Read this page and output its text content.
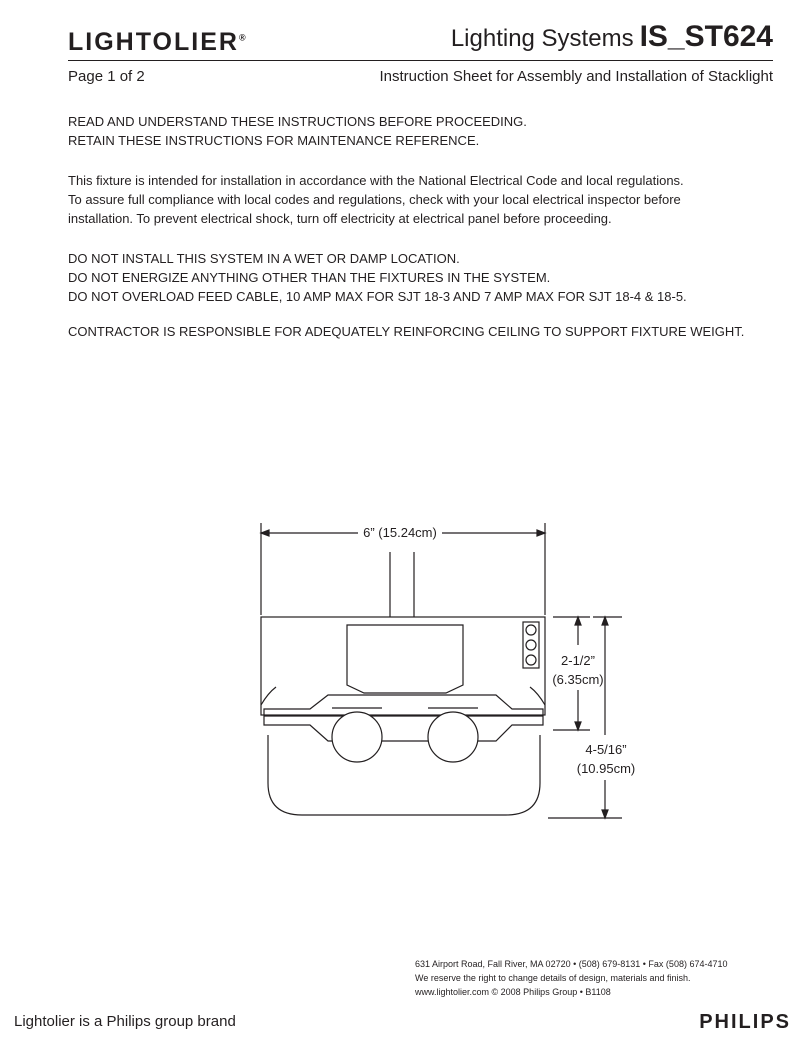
LIGHTOLIER®	Lighting Systems IS_ST624
Page 1 of 2	Instruction Sheet for Assembly and Installation of Stacklight
READ AND UNDERSTAND THESE INSTRUCTIONS BEFORE PROCEEDING.
RETAIN THESE INSTRUCTIONS FOR MAINTENANCE REFERENCE.
This fixture is intended for installation in accordance with the National Electrical Code and local regulations.
To assure full compliance with local codes and regulations, check with your local electrical inspector before
installation. To prevent electrical shock, turn off electricity at electrical panel before proceeding.
DO NOT INSTALL THIS SYSTEM IN A WET OR DAMP LOCATION.
DO NOT ENERGIZE ANYTHING OTHER THAN THE FIXTURES IN THE SYSTEM.
DO NOT OVERLOAD FEED CABLE, 10 AMP MAX FOR SJT 18-3 AND 7 AMP MAX FOR SJT 18-4 & 18-5.
CONTRACTOR IS RESPONSIBLE FOR ADEQUATELY REINFORCING CEILING TO SUPPORT FIXTURE WEIGHT.
6” (15.24cm)
2-1/2”
(6.35cm)
4-5/16”
(10.95cm)
631 Airport Road, Fall River, MA 02720 • (508) 679-8131 • Fax (508) 674-4710
We reserve the right to change details of design, materials and finish.
www.lightolier.com © 2008 Philips Group • B1108
Lightolier is a Philips group brand	PHILIPS
